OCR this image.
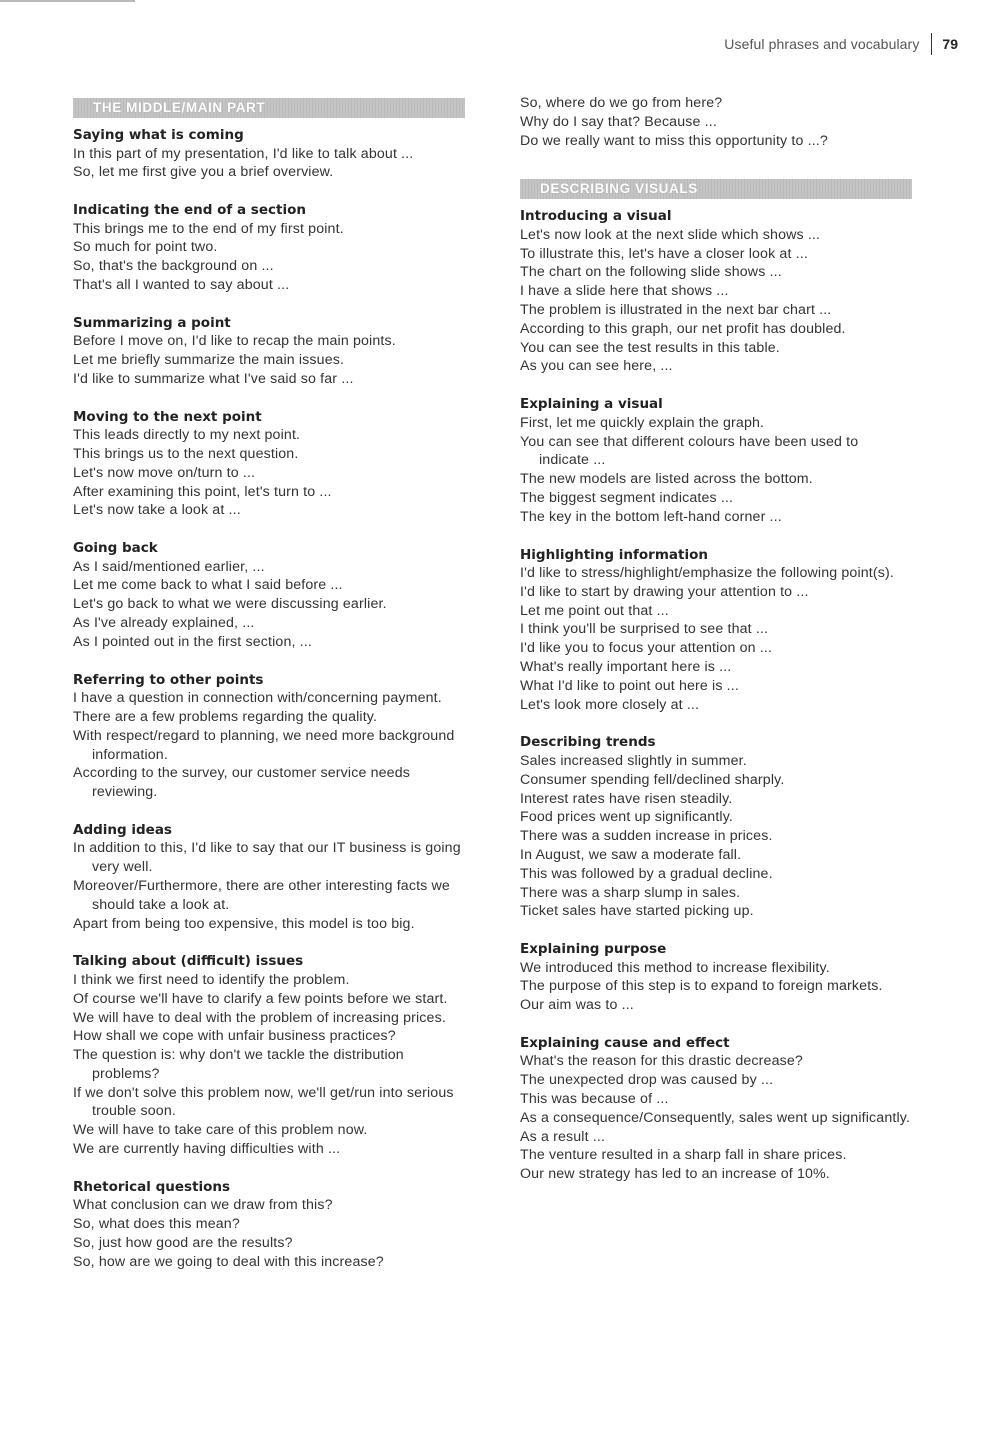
Useful phrases and vocabulary 79
THE MIDDLE/MAIN PART

Saying what is coming

In this part of my presentation, I'd like to talk about ...
So, let me first give you a brief overview.

Indicating the end of a section

This brings me to the end of my first point.
So much for point two.
So, that's the background on ...
That's all I wanted to say about ...

Summarizing a point

Before I move on, I'd like to recap the main points.
Let me briefly summarize the main issues.
I'd like to summarize what I've said so far ...

Moving to the next point

This leads directly to my next point.
This brings us to the next question.
Let's now move on/turn to ...
After examining this point, let's turn to ...
Let's now take a look at ...

Going back

As I said/mentioned earlier, ...
Let me come back to what I said before ...
Let's go back to what we were discussing earlier.
As I've already explained, ...
As I pointed out in the first section, ...

Referring to other points

I have a question in connection with/concerning payment.
There are a few problems regarding the quality.
With respect/regard to planning, we need more background information.
According to the survey, our customer service needs reviewing.

Adding ideas

In addition to this, I'd like to say that our IT business is going very well.
Moreover/Furthermore, there are other interesting facts we should take a look at.
Apart from being too expensive, this model is too big.

Talking about (difficult) issues

I think we first need to identify the problem.
Of course we'll have to clarify a few points before we start.
We will have to deal with the problem of increasing prices.
How shall we cope with unfair business practices?
The question is: why don't we tackle the distribution problems?
If we don't solve this problem now, we'll get/run into serious trouble soon.
We will have to take care of this problem now.
We are currently having difficulties with ...

Rhetorical questions

What conclusion can we draw from this?
So, what does this mean?
So, just how good are the results?
So, how are we going to deal with this increase?
So, where do we go from here?
Why do I say that? Because ...
Do we really want to miss this opportunity to ...?
DESCRIBING VISUALS

Introducing a visual

Let's now look at the next slide which shows ...
To illustrate this, let's have a closer look at ...
The chart on the following slide shows ...
I have a slide here that shows ...
The problem is illustrated in the next bar chart ...
According to this graph, our net profit has doubled.
You can see the test results in this table.
As you can see here, ...

Explaining a visual

First, let me quickly explain the graph.
You can see that different colours have been used to indicate ...
The new models are listed across the bottom.
The biggest segment indicates ...
The key in the bottom left-hand corner ...

Highlighting information

I'd like to stress/highlight/emphasize the following point(s).
I'd like to start by drawing your attention to ...
Let me point out that ...
I think you'll be surprised to see that ...
I'd like you to focus your attention on ...
What's really important here is ...
What I'd like to point out here is ...
Let's look more closely at ...

Describing trends

Sales increased slightly in summer.
Consumer spending fell/declined sharply.
Interest rates have risen steadily.
Food prices went up significantly.
There was a sudden increase in prices.
In August, we saw a moderate fall.
This was followed by a gradual decline.
There was a sharp slump in sales.
Ticket sales have started picking up.

Explaining purpose

We introduced this method to increase flexibility.
The purpose of this step is to expand to foreign markets.
Our aim was to ...

Explaining cause and effect

What's the reason for this drastic decrease?
The unexpected drop was caused by ...
This was because of ...
As a consequence/Consequently, sales went up significantly.
As a result ...
The venture resulted in a sharp fall in share prices.
Our new strategy has led to an increase of 10%.
